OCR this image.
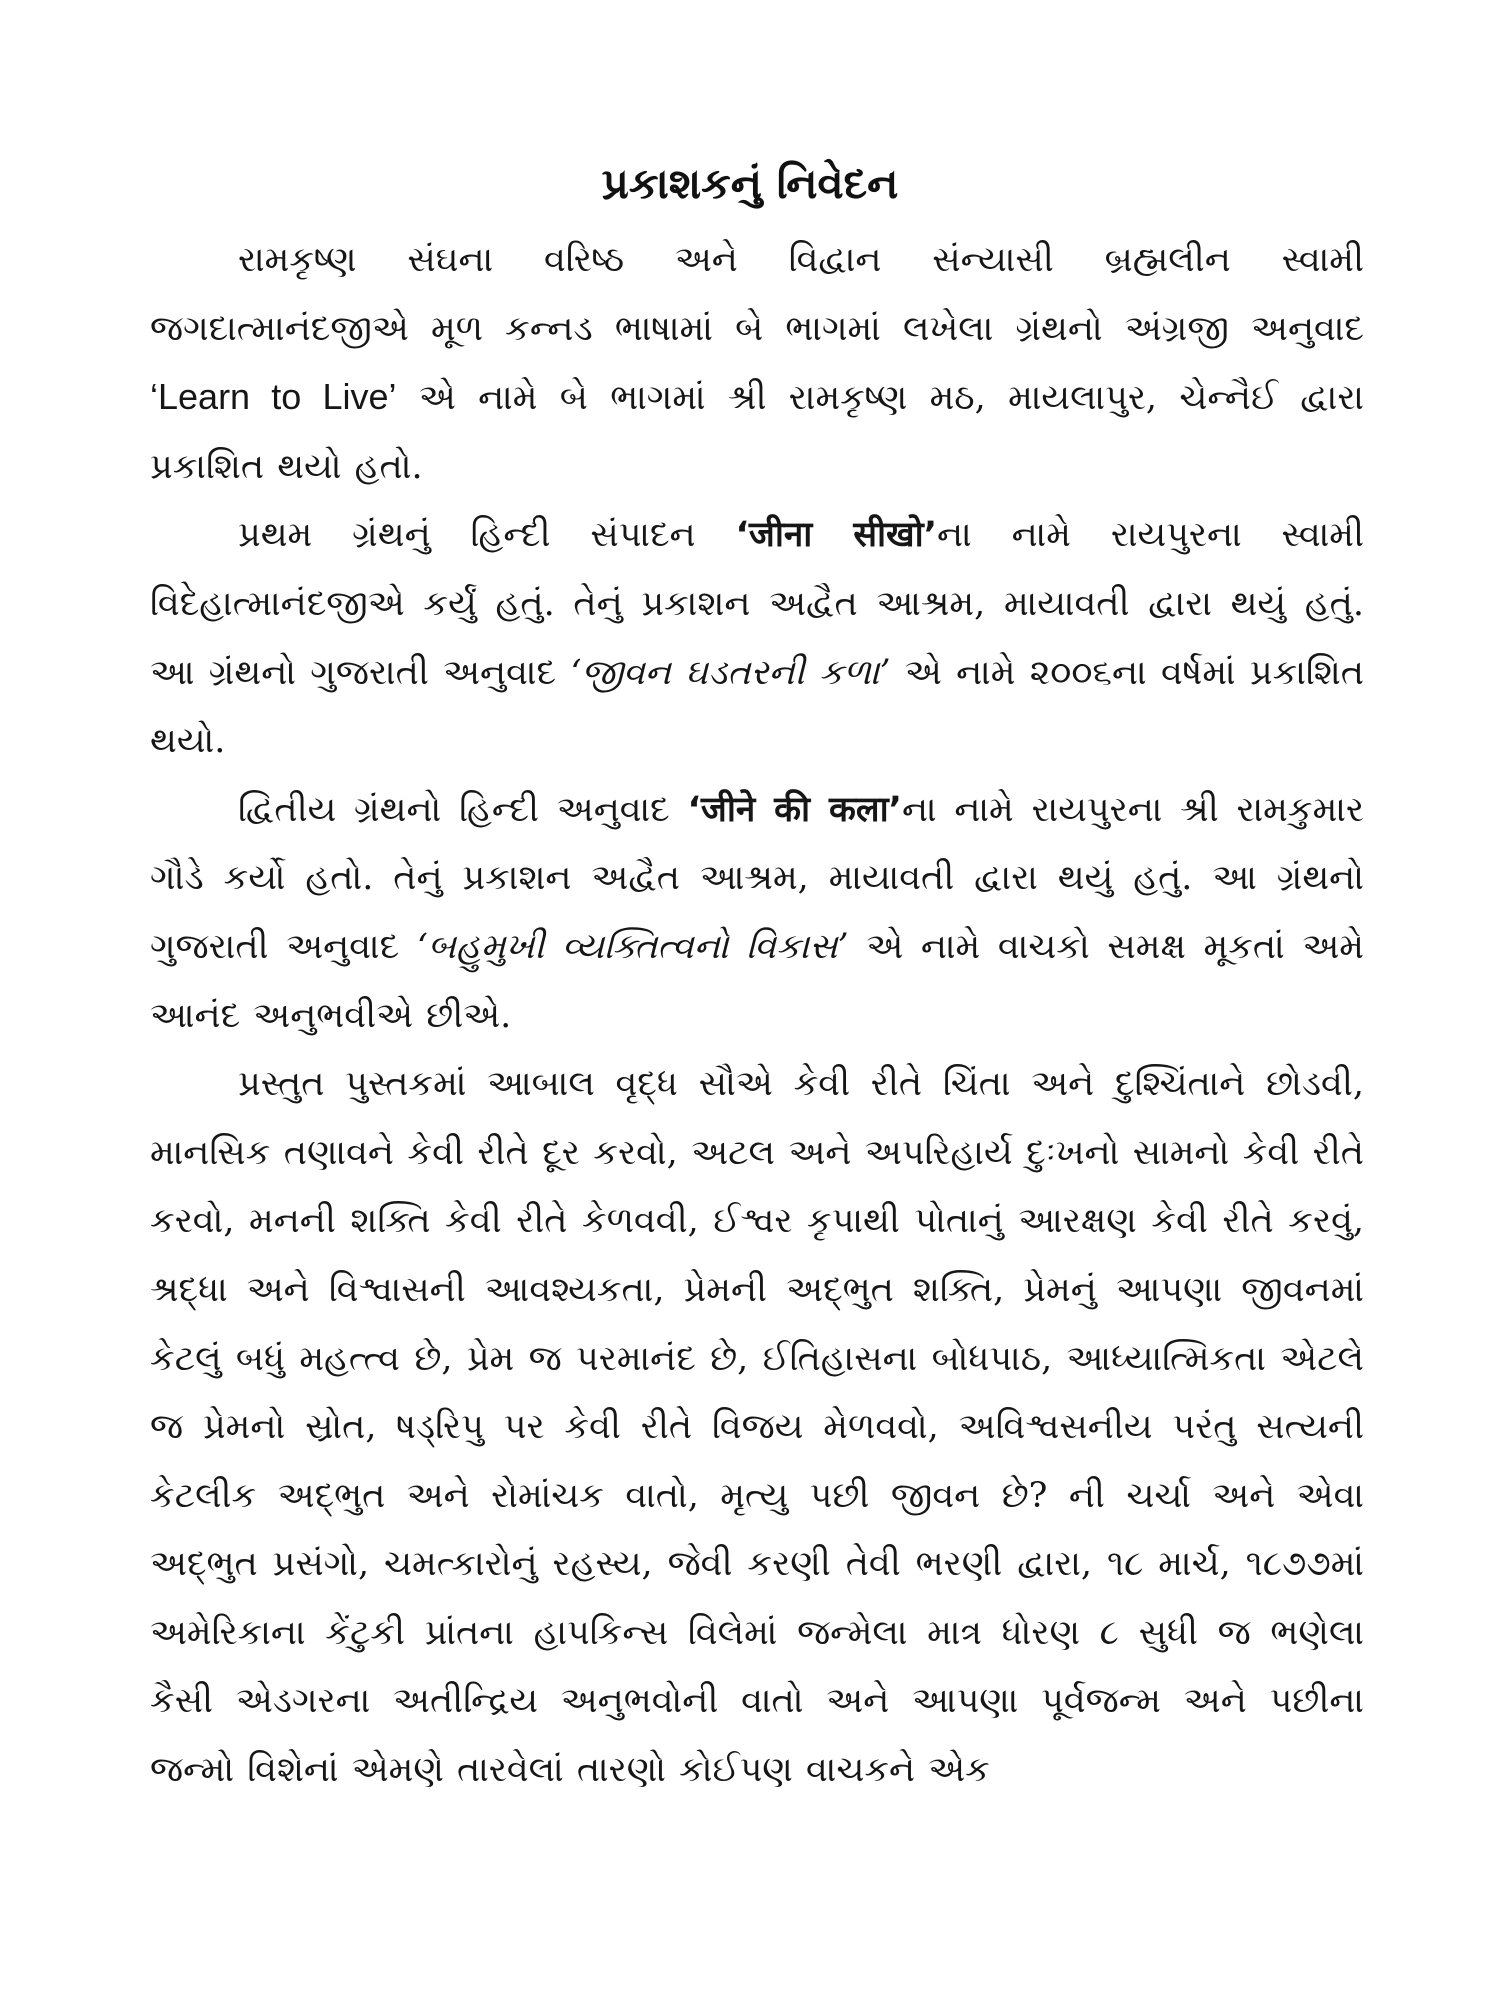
પ્રકાશકનું નિવેદન

રામકૃષ્ણ સંઘના વરિષ્ઠ અને વિદ્વાન સંન્યાસી બ્રહ્મલીન સ્વામી જગદાત્માનંદજીએ મૂળ કન્નડ ભાષામાં બે ભાગમાં લખેલા ગ્રંથનો અંગ્રજી અનુવાદ ‘Learn to Live’ એ નામે બે ભાગમાં શ્રી રામકૃષ્ણ મઠ, માયલાપુર, ચેન્નૈઈ દ્વારા પ્રકાશિત થયો હતો.

પ્રથમ ગ્રંથનું હિન્દી સંપાદન ‘जीना सीखो’ના નામે રાયપુરના સ્વામી વિદેહાત્માનંદજીએ કર્યું હતું. તેનું પ્રકાશન અદ્વૈત આશ્રમ, માયાવતી દ્વારા થયું હતું. આ ગ્રંથનો ગુજરાતી અનુવાદ ‘જીવન ઘડતરની કળા’ એ નામે ૨૦૦૬ના વર્ષમાં પ્રકાશિત થયો.

દ્વિતીય ગ્રંથનો હિન્દી અનુવાદ ‘जीने की कला’ના નામે રાયપુરના શ્રી રામકુમાર ગૌડે કર્યો હતો. તેનું પ્રકાશન અદ્વૈત આશ્રમ, માયાવતી દ્વારા થયું હતું. આ ગ્રંથનો ગુજરાતી અનુવાદ ‘બહુમુખી વ્યક્તિત્વનો વિકાસ’ એ નામે વાચકો સમક્ષ મૂકતાં અમે આનંદ અનુભવીએ છીએ.

પ્રસ્તુત પુસ્તકમાં આબાલ વૃદ્ધ સૌએ કેવી રીતે ચિંતા અને દુશ્ચિંતાને છોડવી, માનસિક તણાવને કેવી રીતે દૂર કરવો, અટલ અને અપરિહાર્ય દુઃખનો સામનો કેવી રીતે કરવો, મનની શક્તિ કેવી રીતે કેળવવી, ઈશ્વર કૃપાથી પોતાનું આરક્ષણ કેવી રીતે કરવું, શ્રદ્ધા અને વિશ્વાસની આવશ્યકતા, પ્રેમની અદ્ભુત શક્તિ, પ્રેમનું આપણા જીવનમાં કેટલું બધું મહત્ત્વ છે, પ્રેમ જ પરમાનંદ છે, ઈતિહાસના બોધપાઠ, આધ્યાત્મિકતા એટલે જ પ્રેમનો સ્રોત, ષડ્‌રિપુ પર કેવી રીતે વિજય મેળવવો, અવિશ્વસનીય પરંતુ સત્યની કેટલીક અદ્ભુત અને રોમાંચક વાતો, મૃત્યુ પછી જીવન છે? ની ચર્ચા અને એવા અદ્ભુત પ્રસંગો, ચમત્કારોનું રહસ્ય, જેવી કરણી તેવી ભરણી દ્વારા, ૧૮ માર્ચ, ૧૮૭૭માં અમેરિકાના કેંટુકી પ્રાંતના હાપકિન્સ વિલેમાં જન્મેલા માત્ર ધોરણ ૮ સુધી જ ભણેલા કૈસી એડગરના અતીન્દ્રિય અનુભવોની વાતો અને આપણા પૂર્વજન્મ અને પછીના જન્મો વિશેનાં એમણે તારવેલાં તારણો કોઈપણ વાચકને એક
